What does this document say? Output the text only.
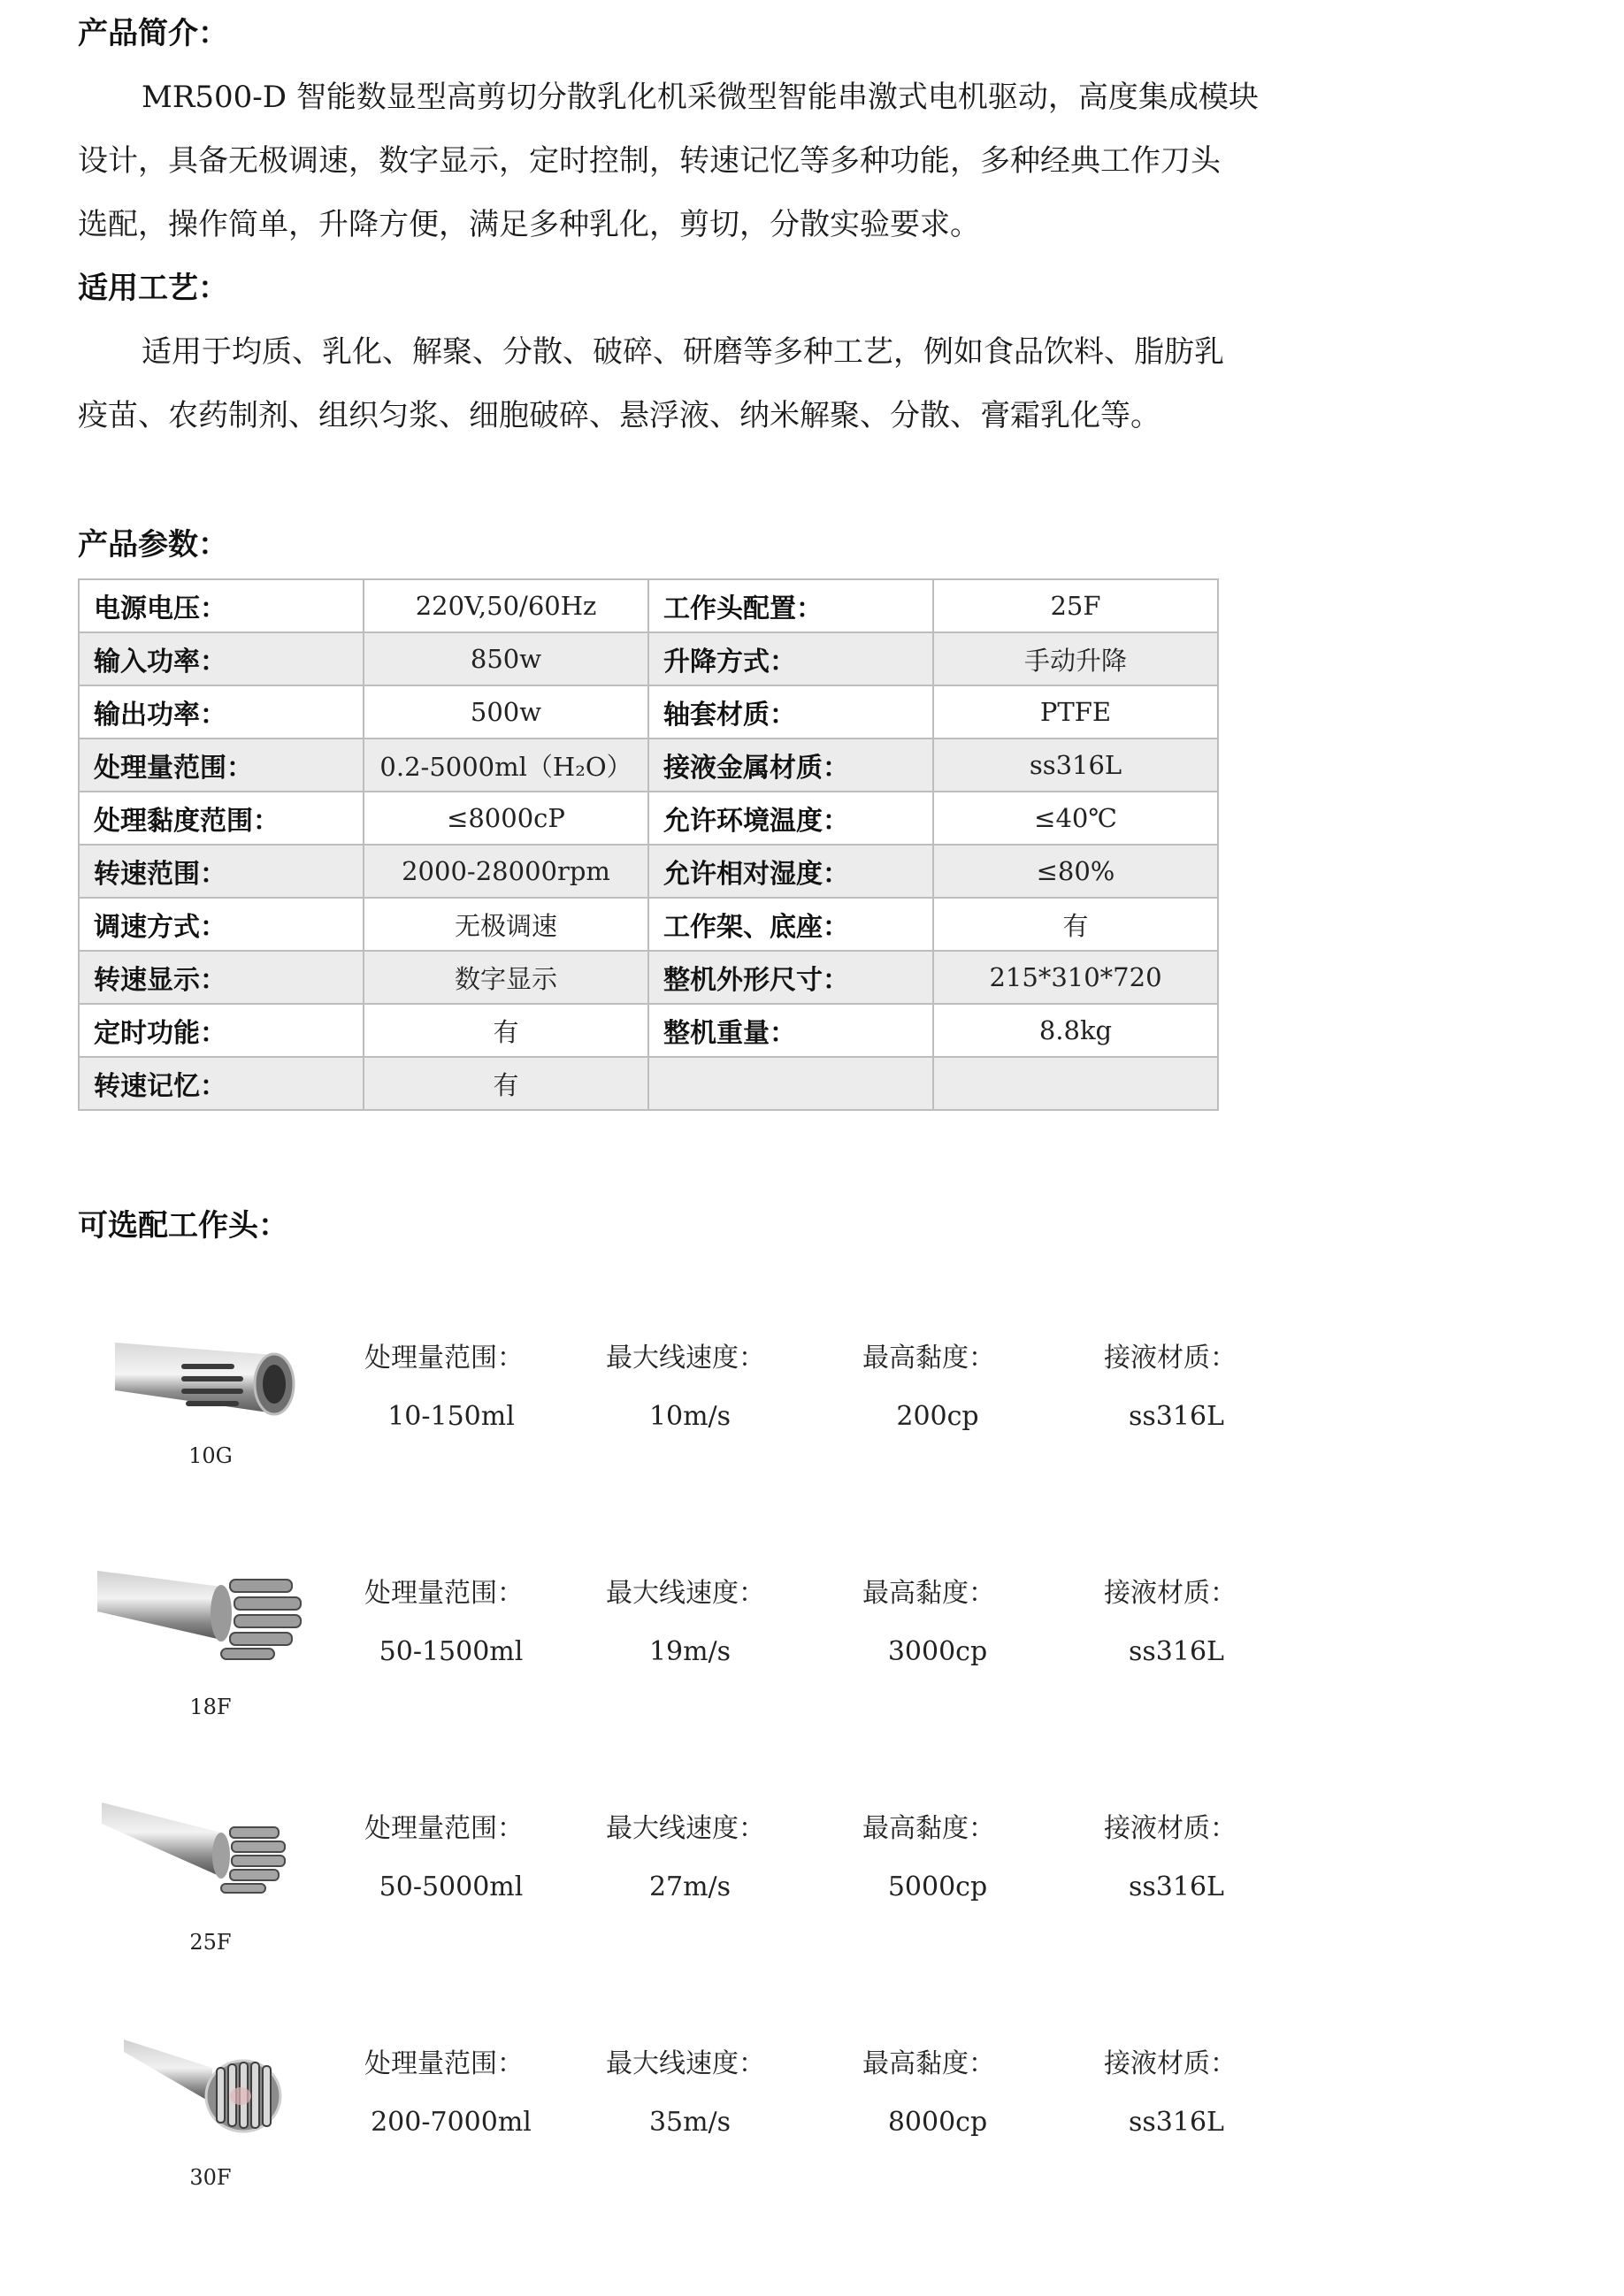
产品简介：

MR500-D 智能数显型高剪切分散乳化机采微型智能串激式电机驱动，高度集成模块

设计，具备无极调速，数字显示，定时控制，转速记忆等多种功能，多种经典工作刀头

选配，操作简单，升降方便，满足多种乳化，剪切，分散实验要求。

适用工艺：

适用于均质、乳化、解聚、分散、破碎、研磨等多种工艺，例如食品饮料、脂肪乳

疫苗、农药制剂、组织匀浆、细胞破碎、悬浮液、纳米解聚、分散、膏霜乳化等。

产品参数：
电源电压：	220V,50/60Hz	工作头配置：	25F
输入功率：	850w	升降方式：	手动升降
输出功率：	500w	轴套材质：	PTFE
处理量范围：	0.2-5000ml（H₂O）	接液金属材质：	ss316L
处理黏度范围：	≤8000cP	允许环境温度：	≤40℃
转速范围：	2000-28000rpm	允许相对湿度：	≤80%
调速方式：	无极调速	工作架、底座：	有
转速显示：	数字显示	整机外形尺寸：	215*310*720
定时功能：	有	整机重量：	8.8kg
转速记忆：	有		
可选配工作头：
10G
处理量范围：	最大线速度：	最高黏度：	接液材质：
10-150ml	10m/s	200cp	ss316L
18F
处理量范围：	最大线速度：	最高黏度：	接液材质：
50-1500ml	19m/s	3000cp	ss316L
25F
处理量范围：	最大线速度：	最高黏度：	接液材质：
50-5000ml	27m/s	5000cp	ss316L
30F
处理量范围：	最大线速度：	最高黏度：	接液材质：
200-7000ml	35m/s	8000cp	ss316L
